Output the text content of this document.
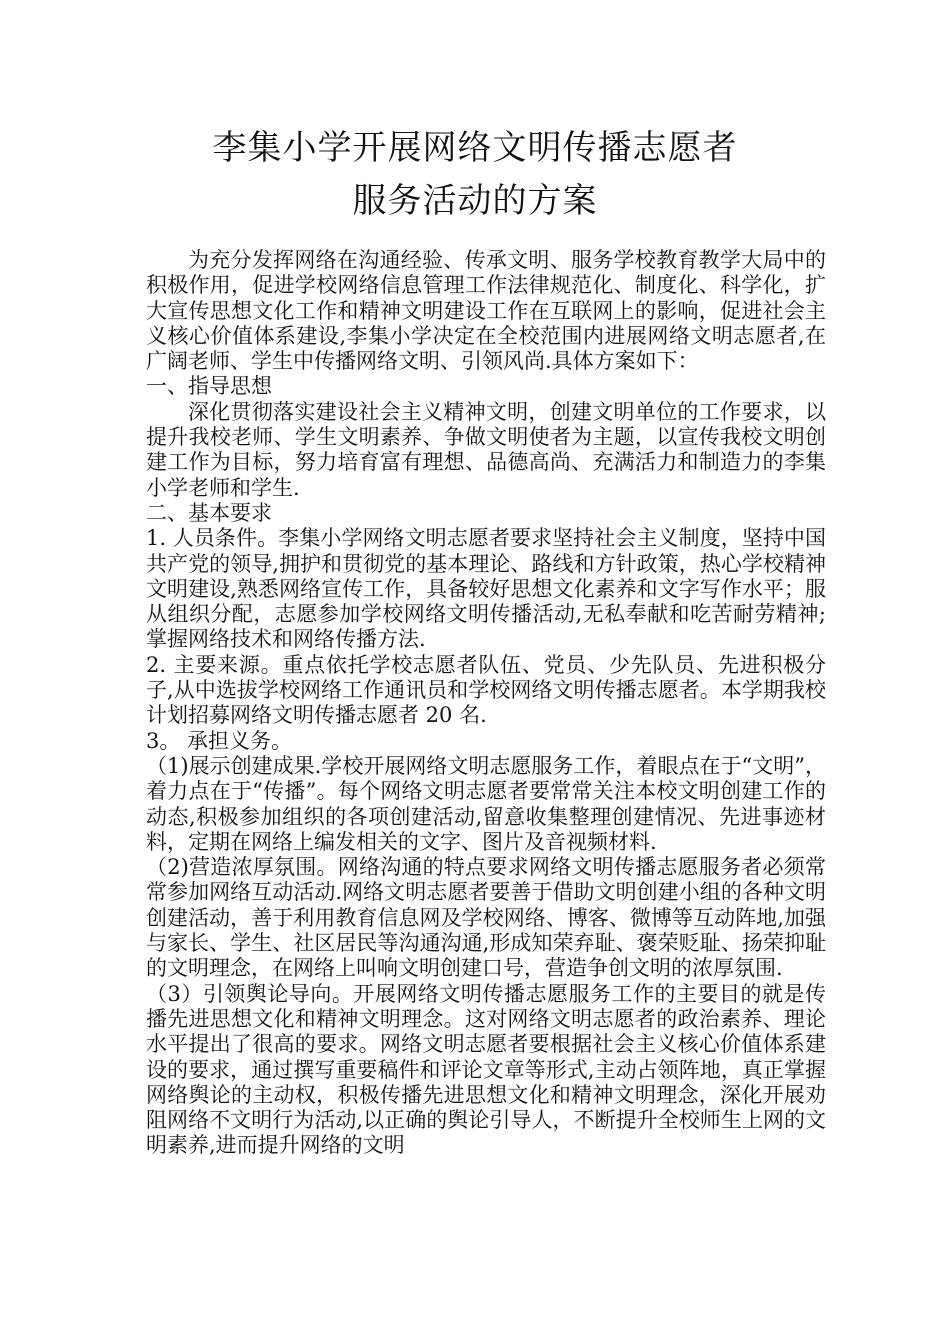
李集小学开展网络文明传播志愿者
服务活动的方案

为充分发挥网络在沟通经验、传承文明、服务学校教育教学大局中的积极作用，促进学校网络信息管理工作法律规范化、制度化、科学化，扩大宣传思想文化工作和精神文明建设工作在互联网上的影响，促进社会主义核心价值体系建设,李集小学决定在全校范围内进展网络文明志愿者,在广阔老师、学生中传播网络文明、引领风尚.具体方案如下：

一、指导思想

深化贯彻落实建设社会主义精神文明，创建文明单位的工作要求，以提升我校老师、学生文明素养、争做文明使者为主题，以宣传我校文明创建工作为目标，努力培育富有理想、品德高尚、充满活力和制造力的李集小学老师和学生.

二、基本要求

1. 人员条件。李集小学网络文明志愿者要求坚持社会主义制度，坚持中国共产党的领导,拥护和贯彻党的基本理论、路线和方针政策，热心学校精神文明建设,熟悉网络宣传工作，具备较好思想文化素养和文字写作水平；服从组织分配，志愿参加学校网络文明传播活动,无私奉献和吃苦耐劳精神;掌握网络技术和网络传播方法.

2. 主要来源。重点依托学校志愿者队伍、党员、少先队员、先进积极分子,从中选拔学校网络工作通讯员和学校网络文明传播志愿者。本学期我校计划招募网络文明传播志愿者 20 名.

3。 承担义务。

（1)展示创建成果.学校开展网络文明志愿服务工作，着眼点在于“文明”，着力点在于“传播”。每个网络文明志愿者要常常关注本校文明创建工作的动态,积极参加组织的各项创建活动,留意收集整理创建情况、先进事迹材料，定期在网络上编发相关的文字、图片及音视频材料.

（2)营造浓厚氛围。网络沟通的特点要求网络文明传播志愿服务者必须常常参加网络互动活动.网络文明志愿者要善于借助文明创建小组的各种文明创建活动，善于利用教育信息网及学校网络、博客、微博等互动阵地,加强与家长、学生、社区居民等沟通沟通,形成知荣弃耻、褒荣贬耻、扬荣抑耻的文明理念，在网络上叫响文明创建口号，营造争创文明的浓厚氛围.

（3）引领舆论导向。开展网络文明传播志愿服务工作的主要目的就是传播先进思想文化和精神文明理念。这对网络文明志愿者的政治素养、理论水平提出了很高的要求。网络文明志愿者要根据社会主义核心价值体系建设的要求，通过撰写重要稿件和评论文章等形式,主动占领阵地，真正掌握网络舆论的主动权，积极传播先进思想文化和精神文明理念，深化开展劝阻网络不文明行为活动,以正确的舆论引导人，不断提升全校师生上网的文明素养,进而提升网络的文明
